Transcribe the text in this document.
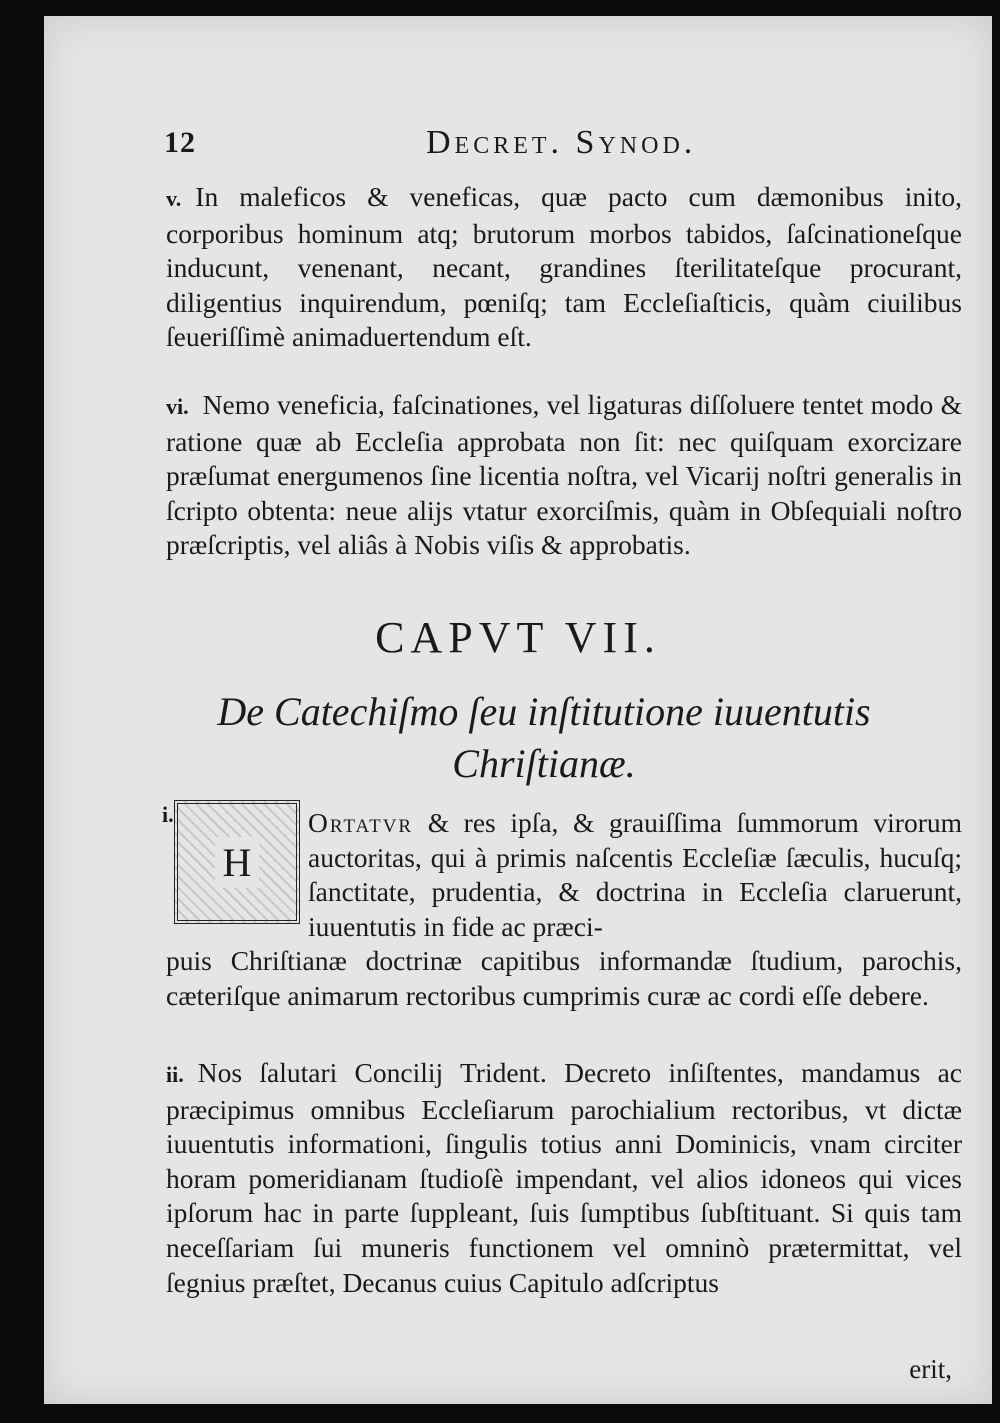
12	Decret. Synod.
v. In maleficos & veneficas, quæ pacto cum dæmonibus inito, corporibus hominum atq; brutorum morbos tabidos, ſaſcinationeſque inducunt, venenant, necant, grandines ſterilitateſque procurant, diligentius inquirendum, pœniſq; tam Eccleſiaſticis, quàm ciuilibus ſeueriſſimè animaduertendum eſt.
vi. Nemo veneficia, faſcinationes, vel ligaturas diſſoluere tentet modo & ratione quæ ab Eccleſia approbata non ſit: nec quiſquam exorcizare præſumat energumenos ſine licentia noſtra, vel Vicarij noſtri generalis in ſcripto obtenta: neue alijs vtatur exorciſmis, quàm in Obſequiali noſtro præſcriptis, vel aliâs à Nobis viſis & approbatis.
CAPVT VII.
De Catechiſmo ſeu inſtitutione iuuentutis
Chriſtianæ.
i.
H
Ortatvr & res ipſa, & grauiſſima ſummorum virorum auctoritas, qui à primis naſcentis Eccleſiæ ſæculis, hucuſq; ſanctitate, prudentia, & doctrina in Eccleſia claruerunt, iuuentutis in fide ac præci-
puis Chriſtianæ doctrinæ capitibus informandæ ſtudium, parochis, cæteriſque animarum rectoribus cumprimis curæ ac cordi eſſe debere.
ii. Nos ſalutari Concilij Trident. Decreto inſiſtentes, mandamus ac præcipimus omnibus Eccleſiarum parochialium rectoribus, vt dictæ iuuentutis informationi, ſingulis totius anni Dominicis, vnam circiter horam pomeridianam ſtudioſè impendant, vel alios idoneos qui vices ipſorum hac in parte ſuppleant, ſuis ſumptibus ſubſtituant. Si quis tam neceſſariam ſui muneris functionem vel omninò prætermittat, vel ſegnius præſtet, Decanus cuius Capitulo adſcriptus
erit,
